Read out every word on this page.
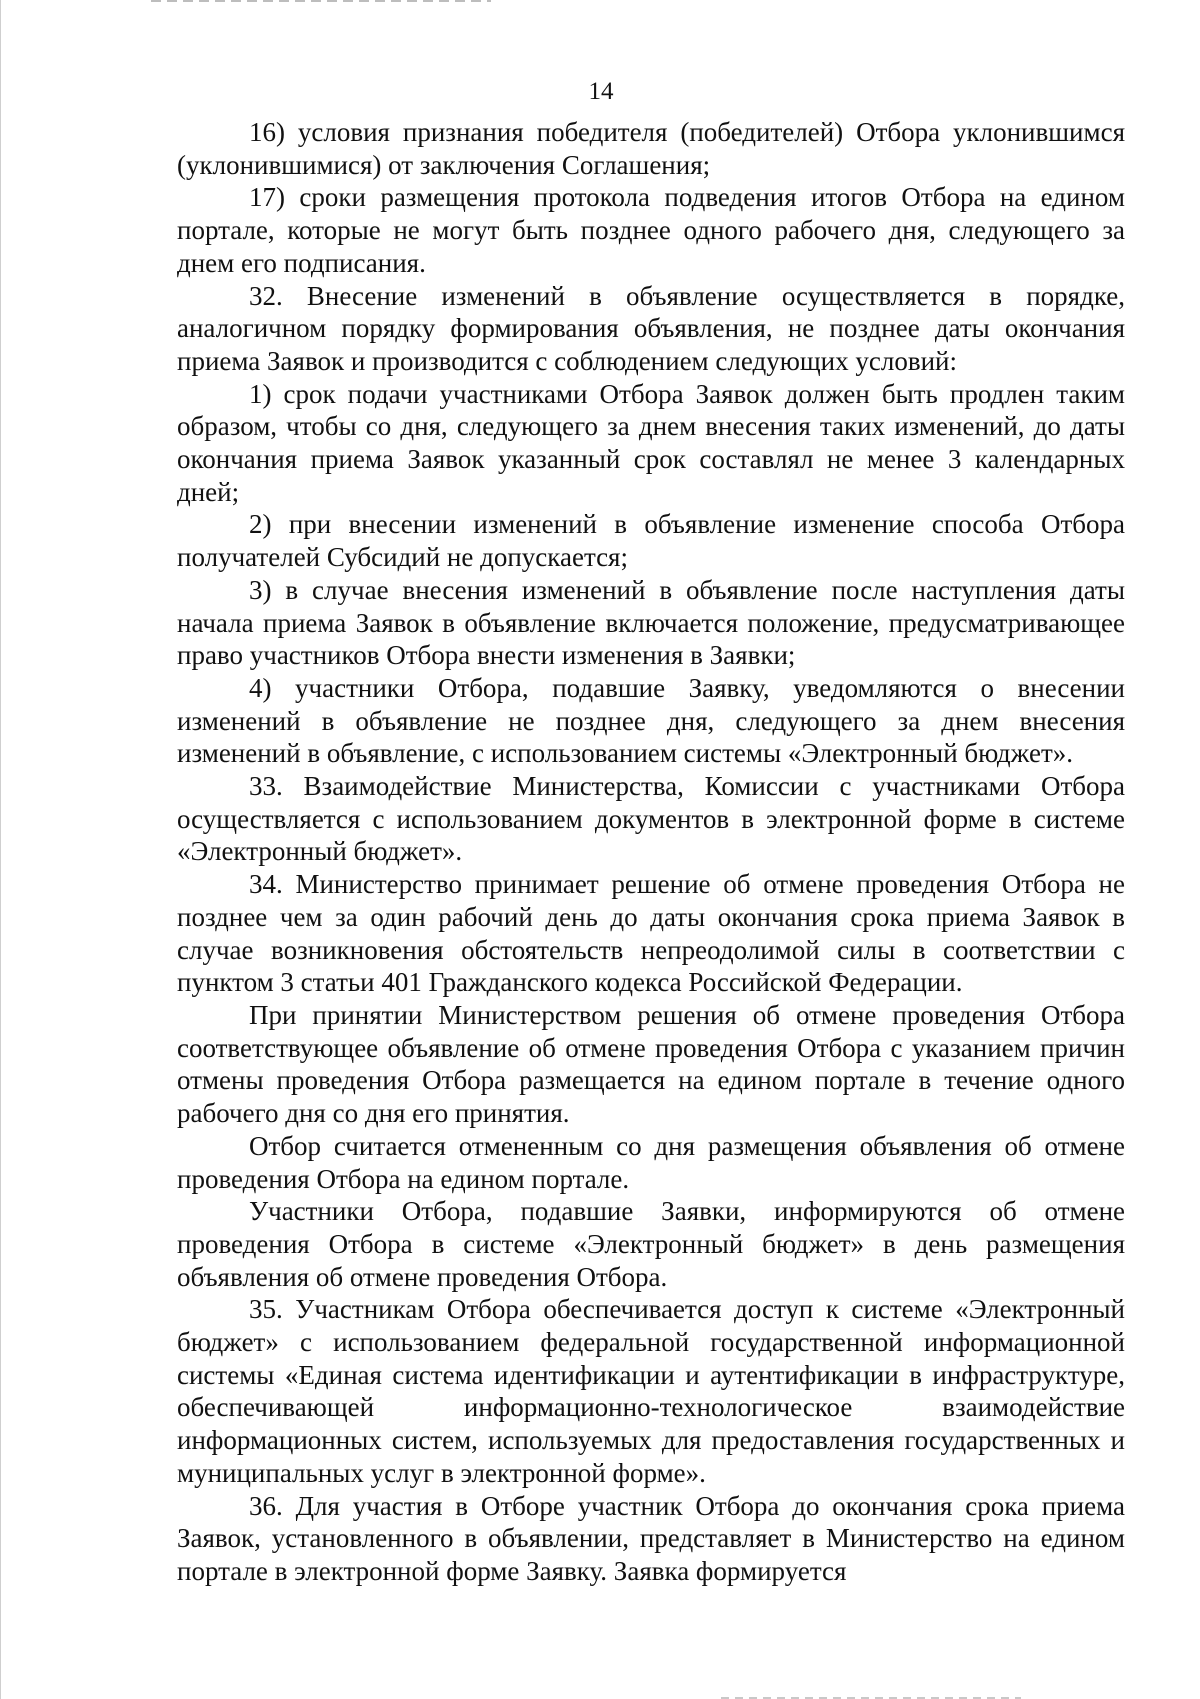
14

16) условия признания победителя (победителей) Отбора уклонившимся (уклонившимися) от заключения Соглашения;

17) сроки размещения протокола подведения итогов Отбора на едином портале, которые не могут быть позднее одного рабочего дня, следующего за днем его подписания.

32. Внесение изменений в объявление осуществляется в порядке, аналогичном порядку формирования объявления, не позднее даты окончания приема Заявок и производится с соблюдением следующих условий:

1) срок подачи участниками Отбора Заявок должен быть продлен таким образом, чтобы со дня, следующего за днем внесения таких изменений, до даты окончания приема Заявок указанный срок составлял не менее 3 календарных дней;

2) при внесении изменений в объявление изменение способа Отбора получателей Субсидий не допускается;

3) в случае внесения изменений в объявление после наступления даты начала приема Заявок в объявление включается положение, предусматривающее право участников Отбора внести изменения в Заявки;

4) участники Отбора, подавшие Заявку, уведомляются о внесении изменений в объявление не позднее дня, следующего за днем внесения изменений в объявление, с использованием системы «Электронный бюджет».

33. Взаимодействие Министерства, Комиссии с участниками Отбора осуществляется с использованием документов в электронной форме в системе «Электронный бюджет».

34. Министерство принимает решение об отмене проведения Отбора не позднее чем за один рабочий день до даты окончания срока приема Заявок в случае возникновения обстоятельств непреодолимой силы в соответствии с пунктом 3 статьи 401 Гражданского кодекса Российской Федерации.

При принятии Министерством решения об отмене проведения Отбора соответствующее объявление об отмене проведения Отбора с указанием причин отмены проведения Отбора размещается на едином портале в течение одного рабочего дня со дня его принятия.

Отбор считается отмененным со дня размещения объявления об отмене проведения Отбора на едином портале.

Участники Отбора, подавшие Заявки, информируются об отмене проведения Отбора в системе «Электронный бюджет» в день размещения объявления об отмене проведения Отбора.

35. Участникам Отбора обеспечивается доступ к системе «Электронный бюджет» с использованием федеральной государственной информационной системы «Единая система идентификации и аутентификации в инфраструктуре, обеспечивающей информационно-технологическое взаимодействие информационных систем, используемых для предоставления государственных и муниципальных услуг в электронной форме».

36. Для участия в Отборе участник Отбора до окончания срока приема Заявок, установленного в объявлении, представляет в Министерство на едином портале в электронной форме Заявку. Заявка формируется
